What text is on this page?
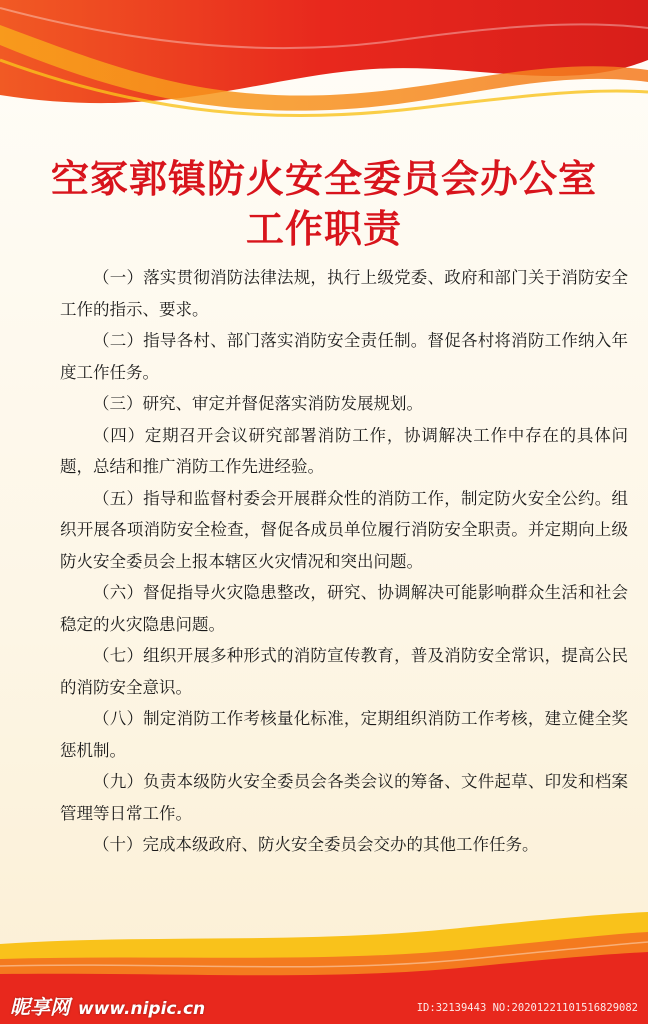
空冢郭镇防火安全委员会办公室
工作职责

（一）落实贯彻消防法律法规，执行上级党委、政府和部门关于消防安全工作的指示、要求。

（二）指导各村、部门落实消防安全责任制。督促各村将消防工作纳入年度工作任务。

（三）研究、审定并督促落实消防发展规划。

（四）定期召开会议研究部署消防工作，协调解决工作中存在的具体问题，总结和推广消防工作先进经验。

（五）指导和监督村委会开展群众性的消防工作，制定防火安全公约。组织开展各项消防安全检查，督促各成员单位履行消防安全职责。并定期向上级防火安全委员会上报本辖区火灾情况和突出问题。

（六）督促指导火灾隐患整改，研究、协调解决可能影响群众生活和社会稳定的火灾隐患问题。

（七）组织开展多种形式的消防宣传教育，普及消防安全常识，提高公民的消防安全意识。

（八）制定消防工作考核量化标准，定期组织消防工作考核，建立健全奖惩机制。

（九）负责本级防火安全委员会各类会议的筹备、文件起草、印发和档案管理等日常工作。

（十）完成本级政府、防火安全委员会交办的其他工作任务。

昵享网 www.nipic.cn	ID:32139443 NO:20201221101516829082
